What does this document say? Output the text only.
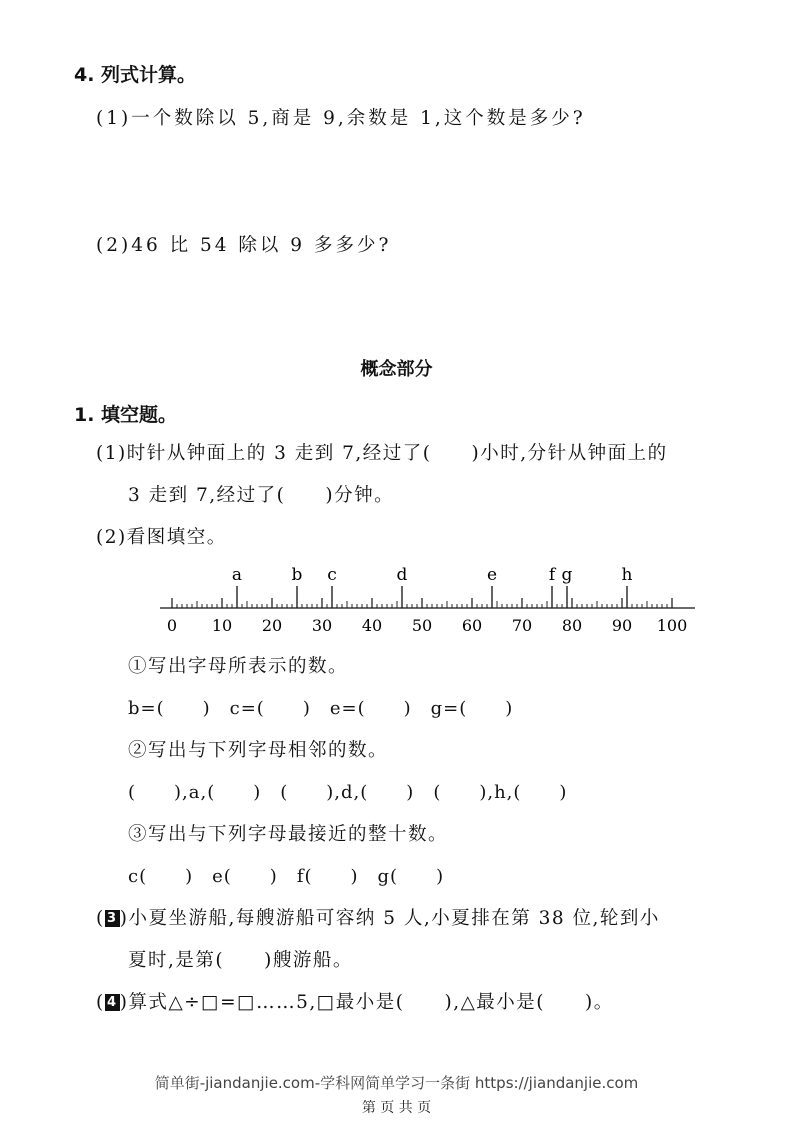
4. 列式计算。
(1)一个数除以 5,商是 9,余数是 1,这个数是多少?
(2)46 比 54 除以 9 多多少?
概念部分
1. 填空题。
(1)时针从钟面上的 3 走到 7,经过了(　　)小时,分针从钟面上的
3 走到 7,经过了(　　)分钟。
(2)看图填空。
a	b c	d	e	f g	h
0 10 20 30 40 50 60 70 80 90 100
①写出字母所表示的数。
b=(　　)　c=(　　)　e=(　　)　g=(　　)
②写出与下列字母相邻的数。
(　　),a,(　　)　(　　),d,(　　)　(　　),h,(　　)
③写出与下列字母最接近的整十数。
c(　　)　e(　　)　f(　　)　g(　　)
( 3 )小夏坐游船,每艘游船可容纳 5 人,小夏排在第 38 位,轮到小
夏时,是第(　　)艘游船。
( 4 )算式△÷□=□……5,□最小是(　　),△最小是(　　)。
简单街-jiandanjie.com-学科网简单学习一条街 https://jiandanjie.com
第 页 共 页
